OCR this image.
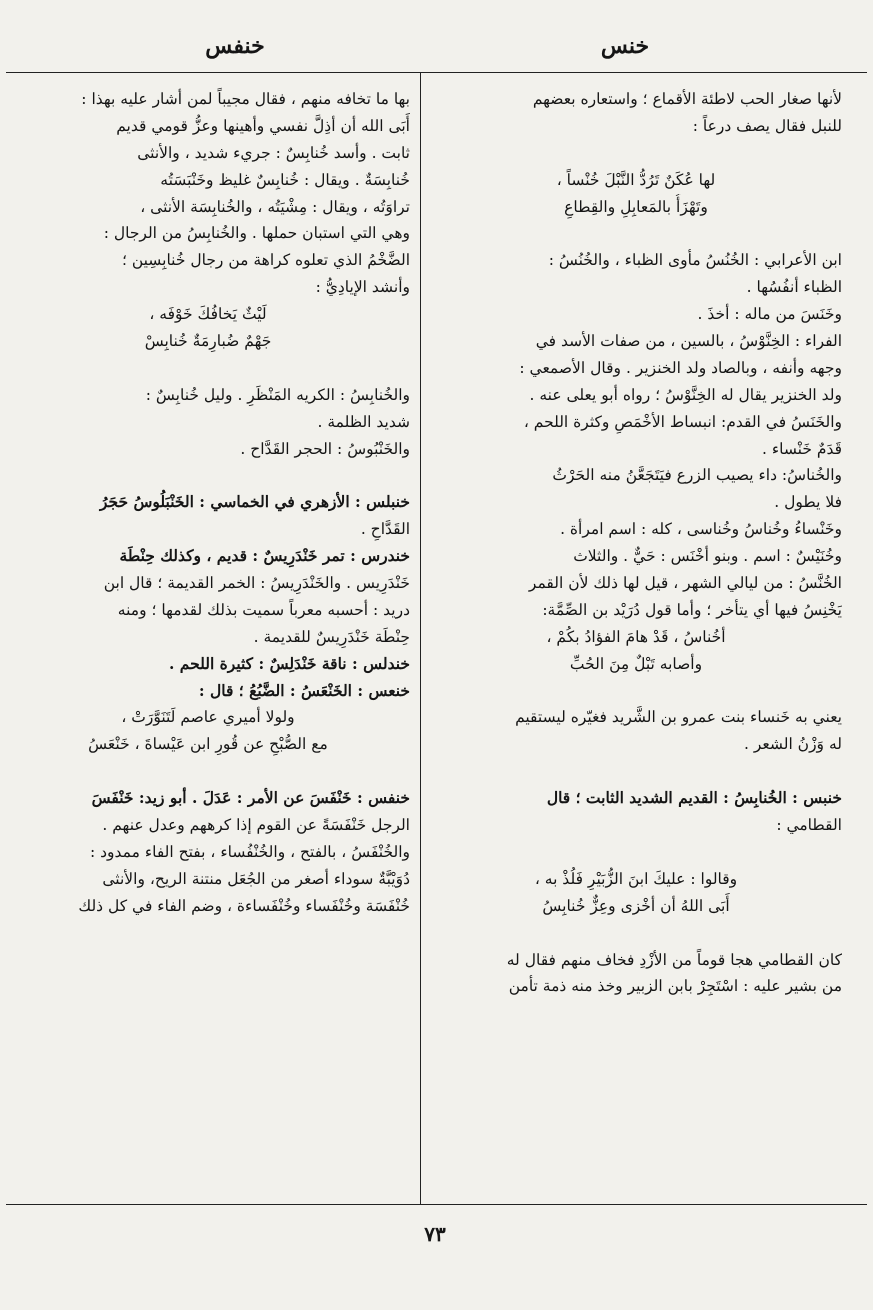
خنس
خنفس
لأنها صغار الحب لاطئة الأقماع ؛ واستعاره بعضهم
للنبل فقال يصف درعاً :
لها عُكَنٌ تَرُدُّ النَّبْلَ خُنْساً ،
وتَهْزَأُ بالمَعابِلِ والقِطاعِ
ابن الأعرابي : الخُنُسُ مأوى الظباء ، والخُنُسُ :
الظباء أنفُسُها .
وخَنَسَ من ماله : أخذَ .
الفراء : الخِنَّوْسُ ، بالسين ، من صفات الأسد في
وجهه وأنفه ، وبالصاد ولد الخنزير . وقال الأصمعي :
ولد الخنزير يقال له الخِنَّوْسُ ؛ رواه أبو يعلى عنه .
والخَنَسُ في القدم: انبساط الأخْمَصِ وكثرة اللحم ،
قَدَمٌ خَنْساء .
والخُناسُ: داء يصيب الزرع فيَتَجَعَّنُ منه الحَرْثُ
فلا يطول .
وخَنْساءُ وخُناسُ وخُناسى ، كله : اسم امرأة .
وخُنَيْسٌ : اسم . وبنو أخْنَس : حَيٌّ . والثلاث
الخُنَّسُ : من ليالي الشهر ، قيل لها ذلك لأن القمر
يَخْنِسُ فيها أي يتأخر ؛ وأما قول دُرَيْد بن الصِّمَّة:
أخُناسُ ، قَدْ هامَ الفؤادُ بكُمْ ،
وأصابه تَبْلٌ مِنَ الحُبِّ
يعني به خَنساء بنت عمرو بن الشَّريد فغيّره ليستقيم
له وَزْنُ الشعر .
خنبس : الخُنابِسُ : القديم الشديد الثابت ؛ قال
القطامي :
وقالوا : عليكَ ابنَ الزُّبَيْرِ فَلُذْ به ،
أَبَى اللهُ أن أخْزى وعِزٌّ خُنابِسُ
كان القطامي هجا قوماً من الأزْدِ فخاف منهم فقال له
من بشير عليه : اسْتَجِرْ بابن الزبير وخذ منه ذمة تأمن
بها ما تخافه منهم ، فقال مجيباً لمن أشار عليه بهذا :
أَبَى الله أن أذِلَّ نفسي وأهينها وعزُّ قومي قديم
ثابت . وأسد خُنابِسٌ : جريء شديد ، والأنثى
خُنابِسَةٌ . ويقال : خُنابِسٌ غليظ وخَنْبَسَتُه
تراوَتُه ، ويقال : مِشْيَتُه ، والخُنابِسَة الأنثى ،
وهي التي استبان حملها . والخُنابِسُ من الرجال :
الضَّخْمُ الذي تعلوه كراهة من رجال خُنابِسِين ؛
وأنشد الإيادِيُّ :
لَيْثٌ يَخافُكَ خَوْفَه ،
جَهْمٌ ضُبارِمَةٌ خُنابِسْ
والخُنابِسُ : الكريه المَنْظَرِ . وليل خُنابِسٌ :
شديد الظلمة .
والخَنْبُوسُ : الحجر القَدَّاح .
خنبلس : الأزهري في الخماسي : الخَنْبَلُوسُ حَجَرُ
القَدَّاحِ .
خندرس : تمر خَنْدَرِيسٌ : قديم ، وكذلك حِنْطَة
خَنْدَرِيس . والخَنْدَرِيسُ : الخمر القديمة ؛ قال ابن
دريد : أحسبه معرباً سميت بذلك لقدمها ؛ ومنه
حِنْطَة خَنْدَرِيسٌ للقديمة .
خندلس : ناقة خَنْدَلِسٌ : كثيرة اللحم .
خنعس : الخَنْعَسُ : الضَّبُعُ ؛ قال :
ولولا أميري عاصم لَتَنَوَّرَتْ ،
مع الصُّبْحِ عن قُورِ ابن عَيْساةَ ، خَنْعَسُ
خنفس : خَنْفَسَ عن الأمر : عَدَلَ . أبو زيد: خَنْفَسَ
الرجل خَنْفَسَةً عن القوم إذا كرههم وعدل عنهم .
والخُنْفَسُ ، بالفتح ، والخُنْفُساء ، بفتح الفاء ممدود :
دُوَيْبَّةٌ سوداء أصغر من الجُعَل منتنة الريح، والأنثى
خُنْفَسَة وخُنْفَساء وخُنْفَساءة ، وضم الفاء في كل ذلك
٧٣
